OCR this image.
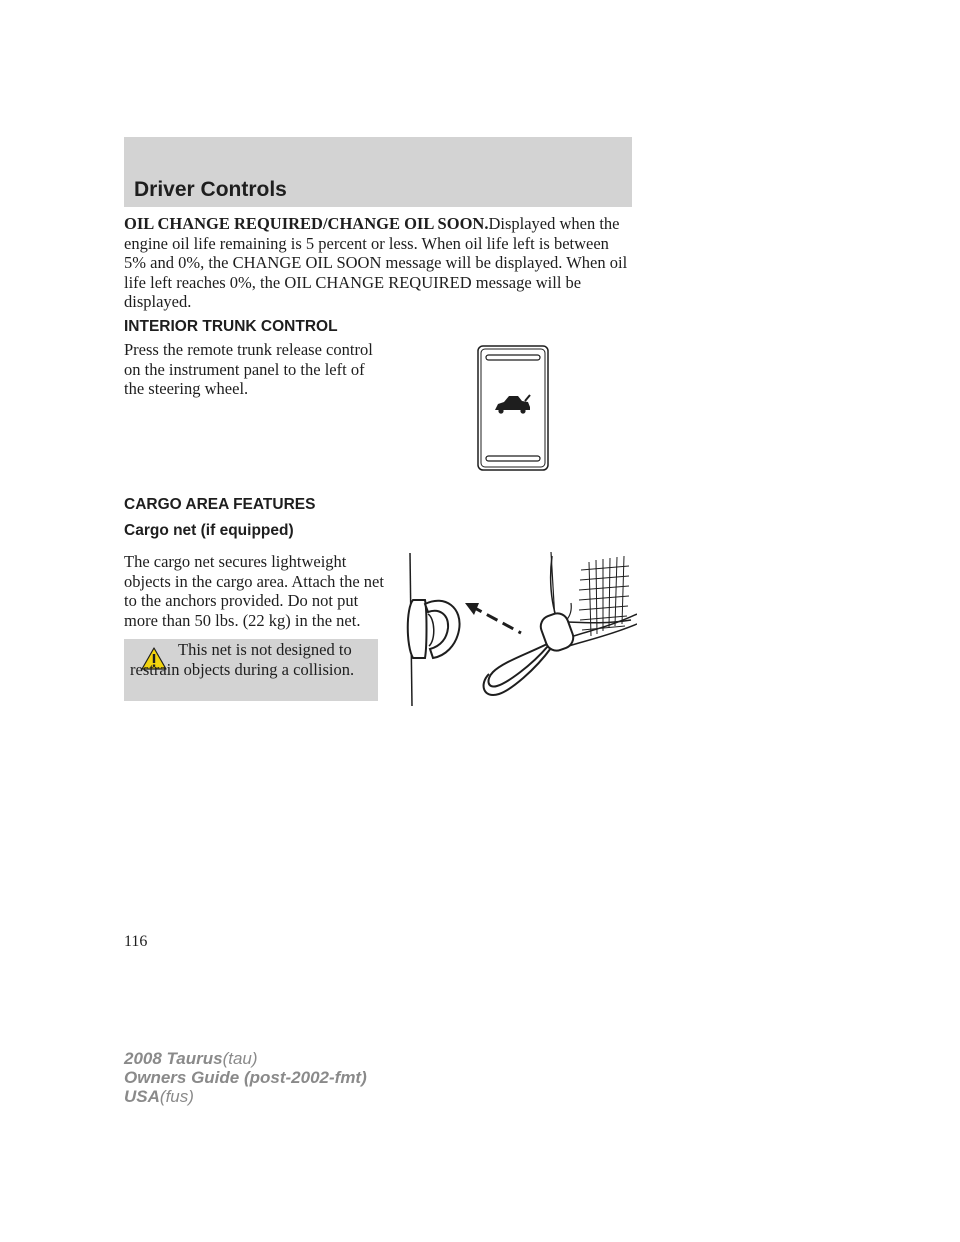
Driver Controls
OIL CHANGE REQUIRED/CHANGE OIL SOON.Displayed when the engine oil life remaining is 5 percent or less. When oil life left is between 5% and 0%, the CHANGE OIL SOON message will be displayed. When oil life left reaches 0%, the OIL CHANGE REQUIRED message will be displayed.
INTERIOR TRUNK CONTROL
Press the remote trunk release control on the instrument panel to the left of the steering wheel.
CARGO AREA FEATURES
Cargo net (if equipped)
The cargo net secures lightweight objects in the cargo area. Attach the net to the anchors provided. Do not put more than 50 lbs. (22 kg) in the net.
This net is not designed to restrain objects during a collision.
116
2008 Taurus(tau)
Owners Guide (post-2002-fmt)
USA(fus)
